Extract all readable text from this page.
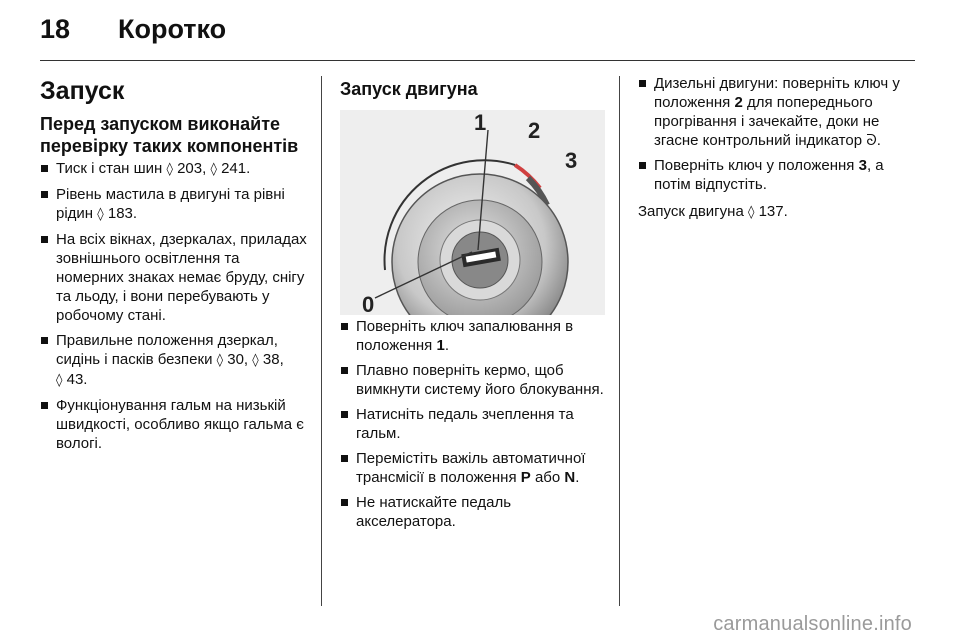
18 Коротко
Запуск
Перед запуском виконайте перевірку таких компонентів
Тиск і стан шин ◊ 203, ◊ 241.
Рівень мастила в двигуні та рівні рідин ◊ 183.
На всіх вікнах, дзеркалах, приладах зовнішнього освітлення та номерних знаках немає бруду, снігу та льоду, і вони перебувають у робочому стані.
Правильне положення дзеркал, сидінь і пасків безпеки ◊ 30, ◊ 38, ◊ 43.
Функціонування гальм на низькій швидкості, особливо якщо гальма є вологі.
Запуск двигуна
0
1 2
3
Поверніть ключ запалювання в положення 1.
Плавно поверніть кермо, щоб вимкнути систему його блокування.
Натисніть педаль зчеплення та гальм.
Перемістіть важіль автоматичної трансмісії в положення P або N.
Не натискайте педаль акселератора.
Дизельні двигуни: поверніть ключ у положення 2 для попереднього прогрівання і зачекайте, доки не згасне контрольний індикатор ᘐ.
Поверніть ключ у положення 3, а потім відпустіть.

Запуск двигуна ◊ 137.

carmanualsonline.info
